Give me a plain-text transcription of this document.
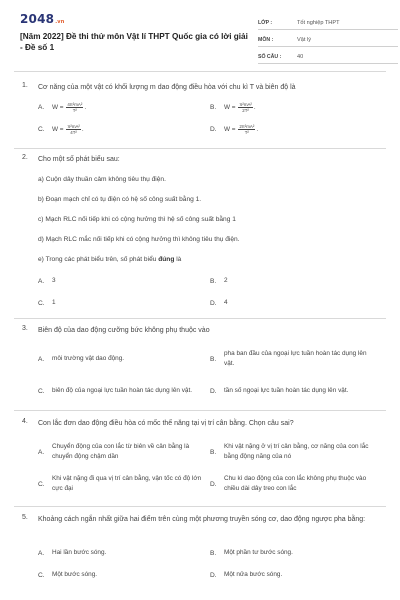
2048.vn
[Năm 2022] Đề thi thử môn Vật lí THPT Quốc gia có lời giải - Đề số 1
LỚP :	Tốt nghiệp THPT
MÔN :	Vật lý
SỐ CÂU :	40
1. Cơ năng của một vật có khối lượng m dao động điều hòa với chu kì T và biên độ là
A.	$W = \frac{\text{4π²mA²}}{\text{T²}}$ .	B.	$W = \frac{\text{π²mA²}}{\text{2T²}}$ .
C.	$W = \frac{\text{π²mA²}}{\text{4T²}}$ .	D.	$W = \frac{\text{2π²mA²}}{\text{T²}}$ .
2. Cho một số phát biểu sau:
a) Cuộn dây thuần cảm không tiêu thụ điện.
b) Đoạn mạch chỉ có tụ điện có hệ số công suất bằng 1.
c) Mạch RLC nối tiếp khi có cộng hưởng thì hệ số công suất bằng 1
d) Mạch RLC mắc nối tiếp khi có cộng hưởng thì không tiêu thụ điện.
e) Trong các phát biểu trên, số phát biểu đúng là
A.	3	B.	2
C.	1	D.	4
3. Biên độ của dao động cưỡng bức không phụ thuộc vào
A.	môi trường vật dao động.	B.
pha ban đầu của ngoại lực tuần hoàn tác dụng lên vật.
C.	biên độ của ngoại lực tuần hoàn tác dụng lên vật.	D.	tần số ngoại lực tuần hoàn tác dụng lên vật.
4. Con lắc đơn dao động điều hòa có mốc thế năng tại vị trí cân bằng. Chọn câu sai?
A.
Chuyển động của con lắc từ biên về cân bằng là chuyển động chậm dần
B.
Khi vật nặng ở vị trí cân bằng, cơ năng của con lắc bằng động năng của nó
C.
Khi vật nặng đi qua vị trí cân bằng, vận tốc có độ lớn cực đại
D.
Chu kì dao động của con lắc không phụ thuộc vào chiều dài dây treo con lắc
5. Khoảng cách ngắn nhất giữa hai điểm trên cùng một phương truyền sóng cơ, dao động ngược pha bằng:
A.	Hai lần bước sóng.	B.	Một phần tư bước sóng.
C.	Một bước sóng.	D.	Một nửa bước sóng.
